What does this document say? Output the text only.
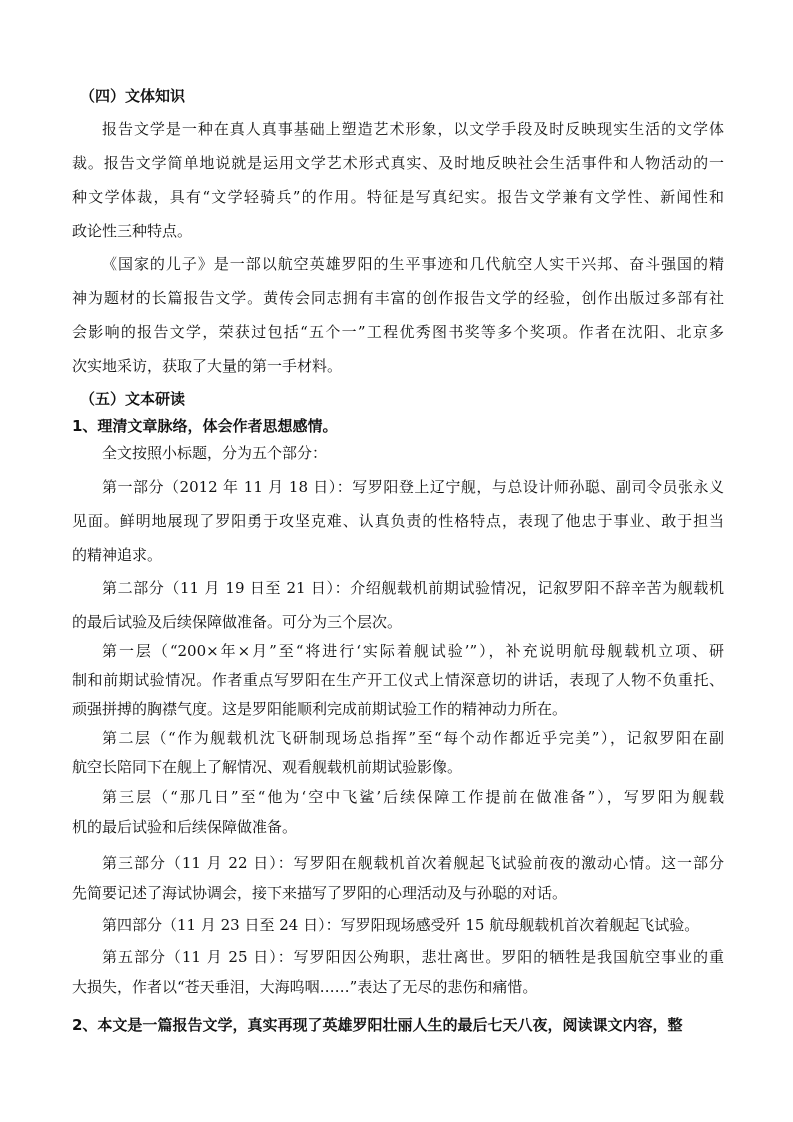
（四）文体知识
报告文学是一种在真人真事基础上塑造艺术形象，以文学手段及时反映现实生活的文学体
裁。报告文学简单地说就是运用文学艺术形式真实、及时地反映社会生活事件和人物活动的一
种文学体裁，具有“文学轻骑兵”的作用。特征是写真纪实。报告文学兼有文学性、新闻性和
政论性三种特点。
《国家的儿子》是一部以航空英雄罗阳的生平事迹和几代航空人实干兴邦、奋斗强国的精
神为题材的长篇报告文学。黄传会同志拥有丰富的创作报告文学的经验，创作出版过多部有社
会影响的报告文学，荣获过包括“五个一”工程优秀图书奖等多个奖项。作者在沈阳、北京多
次实地采访，获取了大量的第一手材料。
（五）文本研读
1、理清文章脉络，体会作者思想感情。
全文按照小标题，分为五个部分：
第一部分（2012 年 11 月 18 日）：写罗阳登上辽宁舰，与总设计师孙聪、副司令员张永义
见面。鲜明地展现了罗阳勇于攻坚克难、认真负责的性格特点，表现了他忠于事业、敢于担当
的精神追求。
第二部分（11 月 19 日至 21 日）：介绍舰载机前期试验情况，记叙罗阳不辞辛苦为舰载机
的最后试验及后续保障做准备。可分为三个层次。
第一层（“200×年×月”至“将进行‘实际着舰试验’”），补充说明航母舰载机立项、研
制和前期试验情况。作者重点写罗阳在生产开工仪式上情深意切的讲话，表现了人物不负重托、
顽强拼搏的胸襟气度。这是罗阳能顺利完成前期试验工作的精神动力所在。
第二层（“作为舰载机沈飞研制现场总指挥”至“每个动作都近乎完美”），记叙罗阳在副
航空长陪同下在舰上了解情况、观看舰载机前期试验影像。
第三层（“那几日”至“他为‘空中飞鲨’后续保障工作提前在做准备”），写罗阳为舰载
机的最后试验和后续保障做准备。
第三部分（11 月 22 日）：写罗阳在舰载机首次着舰起飞试验前夜的激动心情。这一部分
先简要记述了海试协调会，接下来描写了罗阳的心理活动及与孙聪的对话。
第四部分（11 月 23 日至 24 日）：写罗阳现场感受歼 15 航母舰载机首次着舰起飞试验。
第五部分（11 月 25 日）：写罗阳因公殉职，悲壮离世。罗阳的牺牲是我国航空事业的重
大损失，作者以“苍天垂泪，大海呜咽……”表达了无尽的悲伤和痛惜。
2、本文是一篇报告文学，真实再现了英雄罗阳壮丽人生的最后七天八夜，阅读课文内容，整
